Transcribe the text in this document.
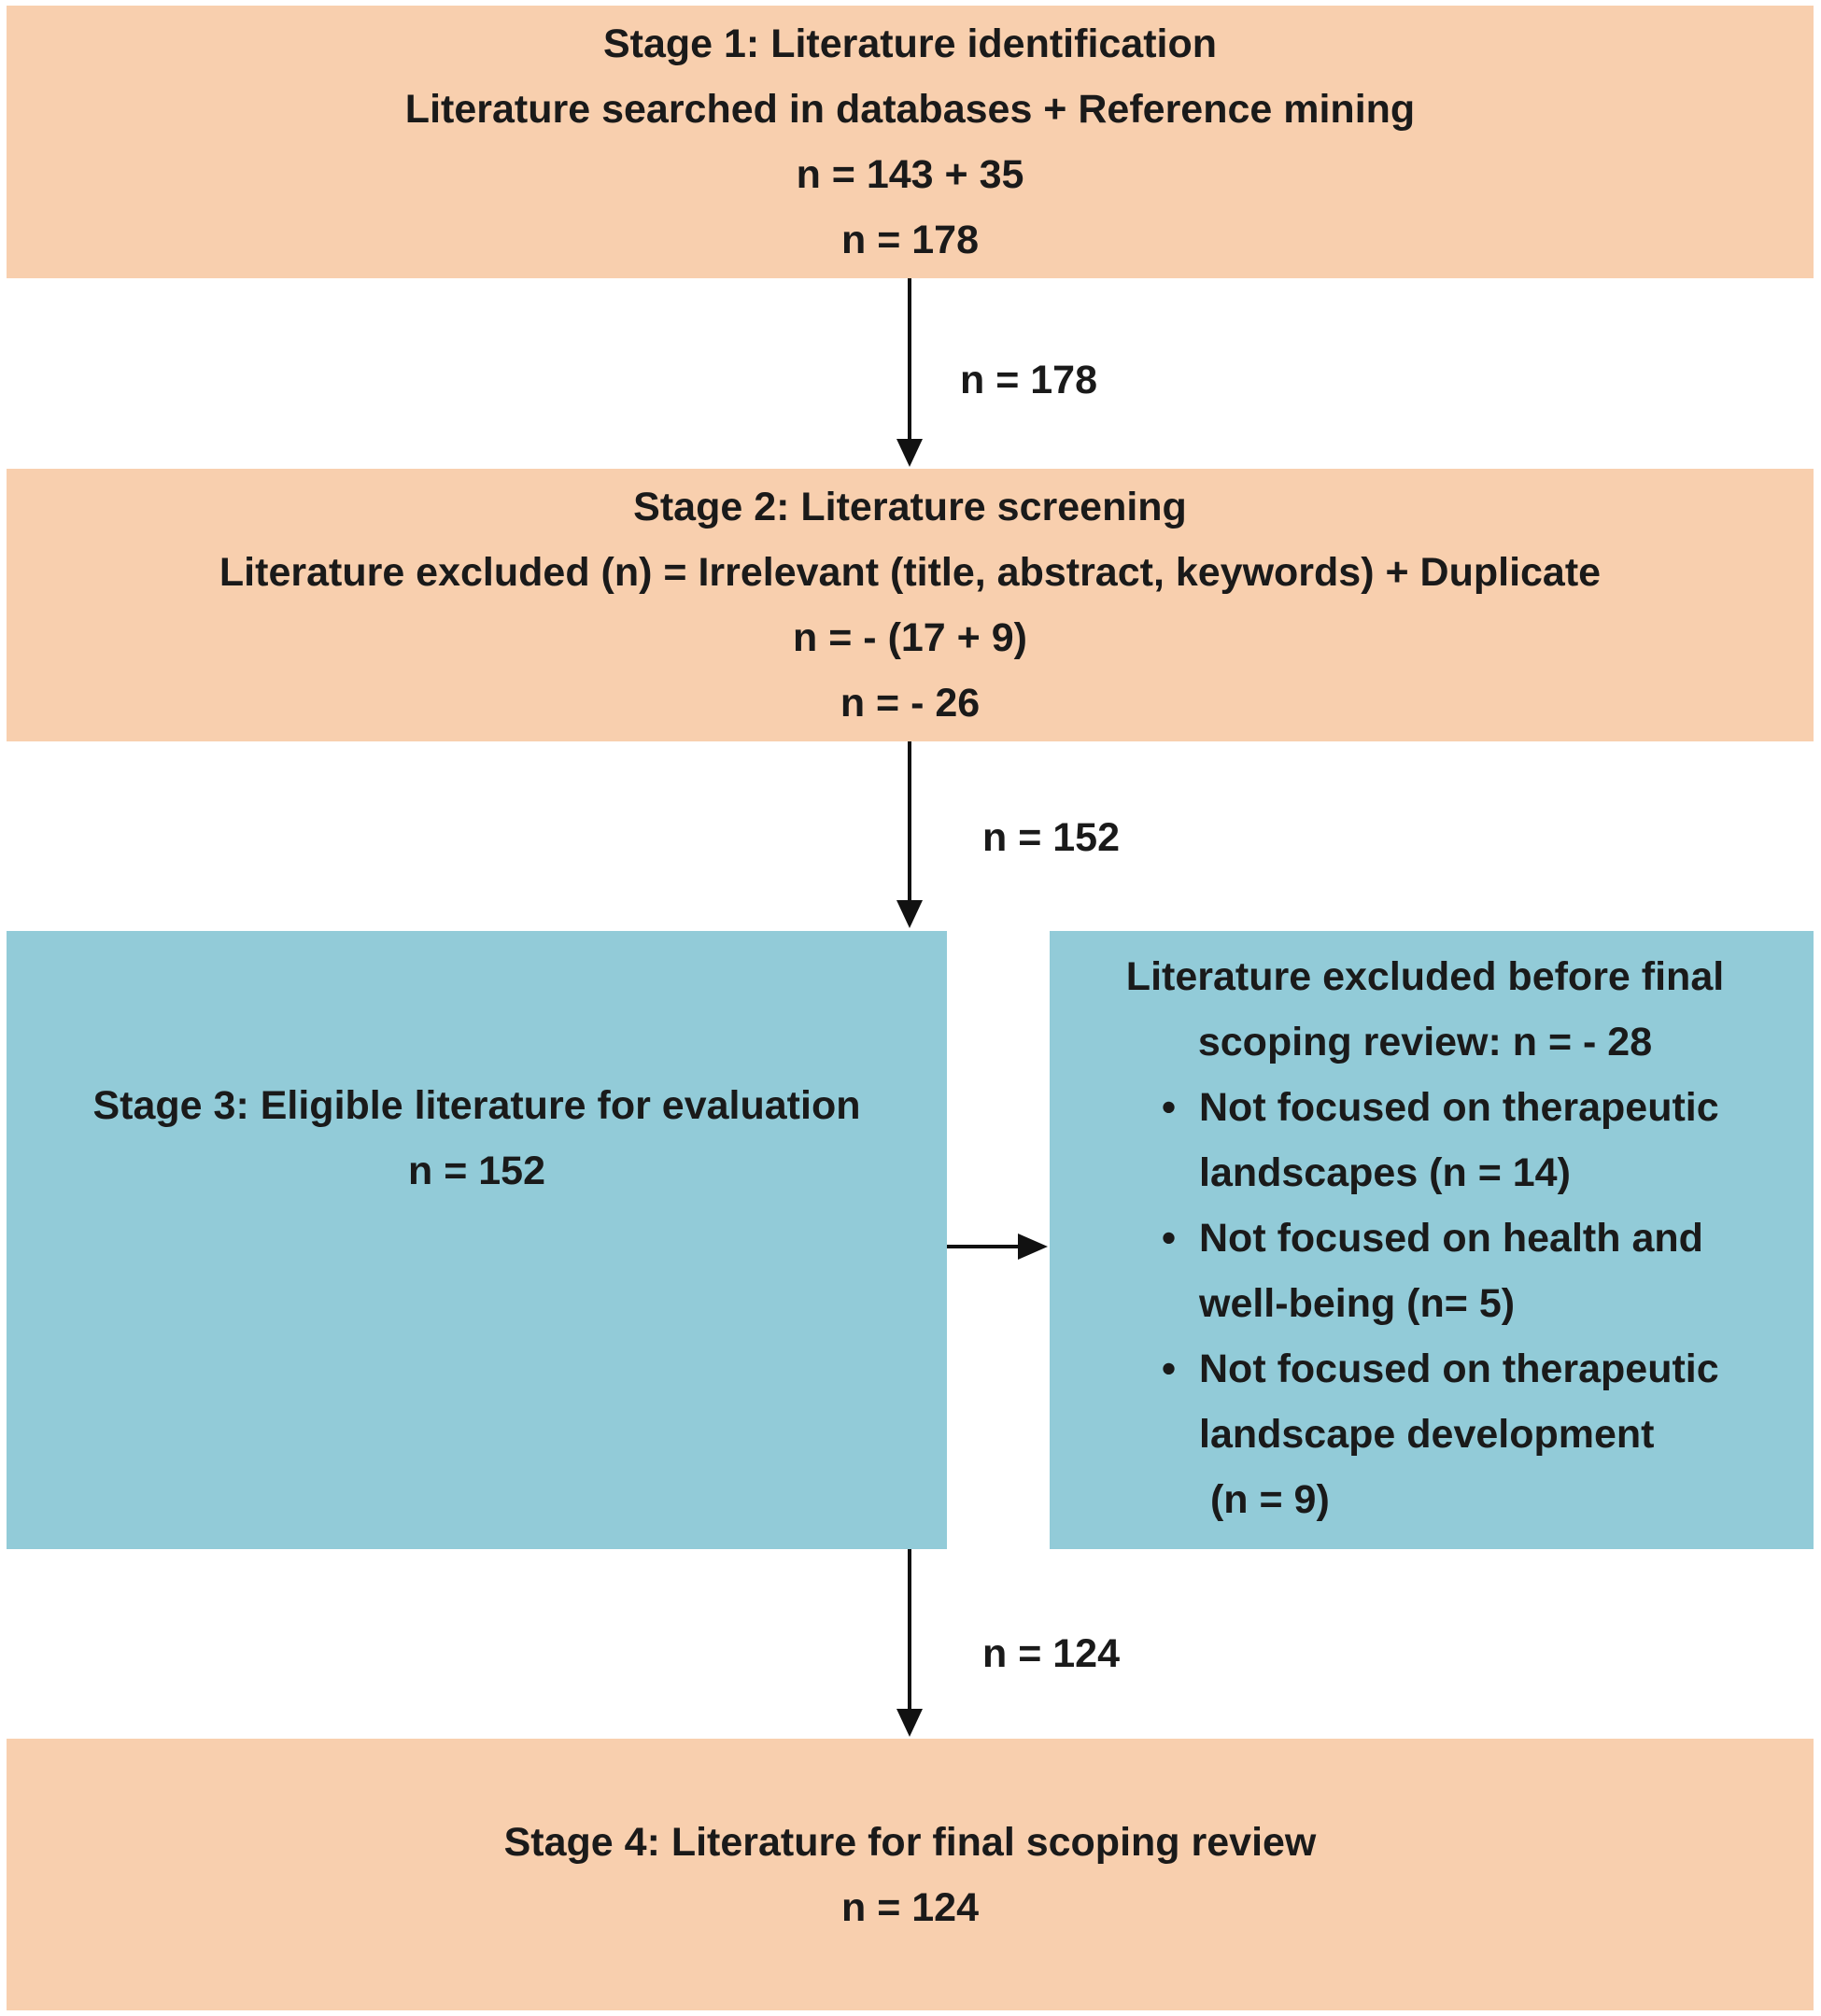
Stage 1: Literature identification
Literature searched in databases + Reference mining
n = 143 + 35
n = 178
n = 178
Stage 2: Literature screening
Literature excluded (n) = Irrelevant (title, abstract, keywords) + Duplicate
n = - (17 + 9)
n = - 26
n = 152
Stage 3: Eligible literature for evaluation
n = 152
Literature excluded before final
scoping review: n = - 28
• Not focused on therapeutic
landscapes (n = 14)
• Not focused on health and
well-being (n= 5)
• Not focused on therapeutic
landscape development
(n = 9)
n = 124
Stage 4: Literature for final scoping review
n = 124
